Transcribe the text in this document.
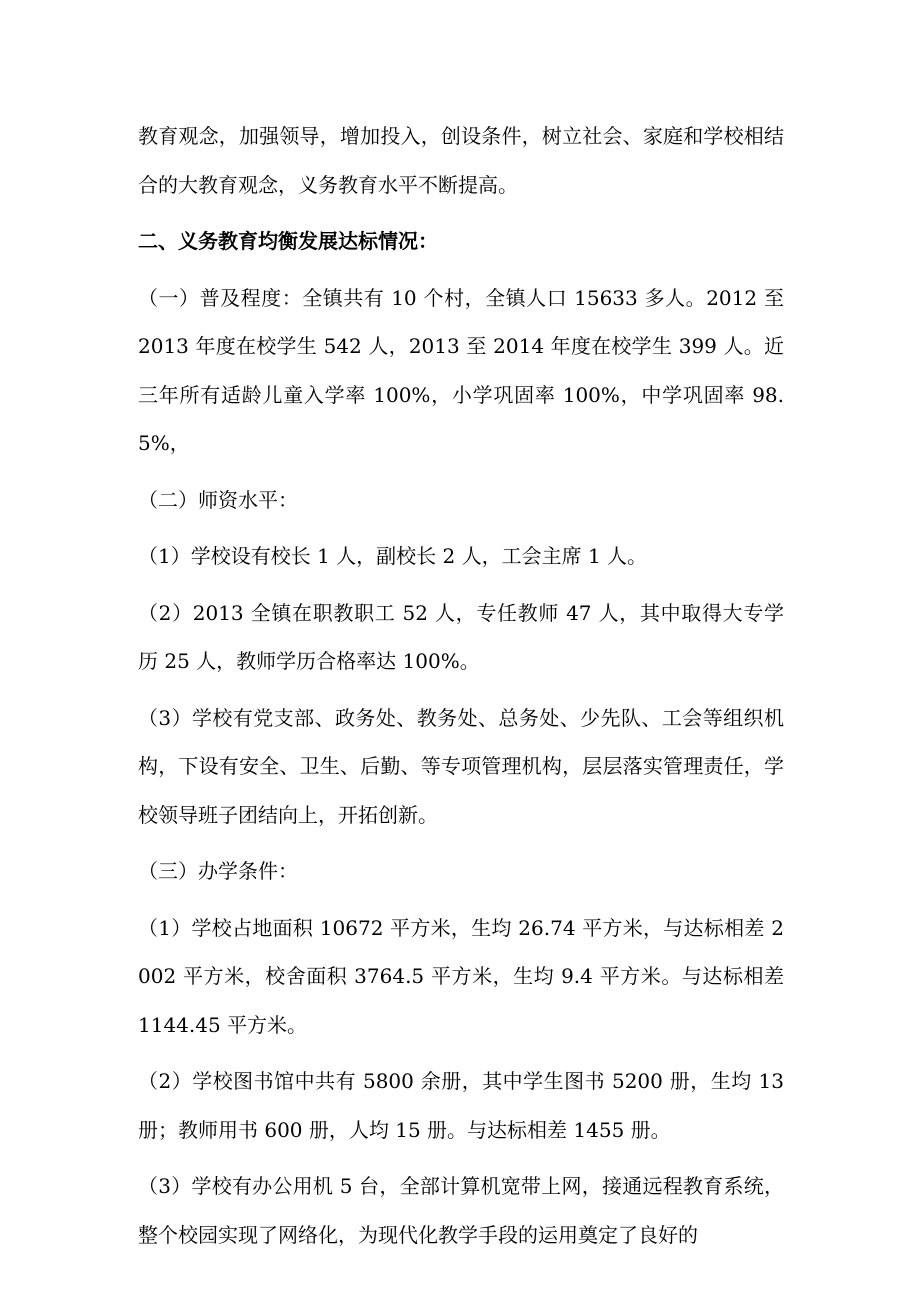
教育观念，加强领导，增加投入，创设条件，树立社会、家庭和学校相结合的大教育观念，义务教育水平不断提高。

二、义务教育均衡发展达标情况：

（一）普及程度：全镇共有 10 个村，全镇人口 15633 多人。2012 至 2013 年度在校学生 542 人，2013 至 2014 年度在校学生 399 人。近三年所有适龄儿童入学率 100%，小学巩固率 100%，中学巩固率 98.5%，

（二）师资水平：

（1）学校设有校长 1 人，副校长 2 人，工会主席 1 人。

（2）2013 全镇在职教职工 52 人，专任教师 47 人，其中取得大专学历 25 人，教师学历合格率达 100%。

（3）学校有党支部、政务处、教务处、总务处、少先队、工会等组织机构，下设有安全、卫生、后勤、等专项管理机构，层层落实管理责任，学校领导班子团结向上，开拓创新。

（三）办学条件：

（1）学校占地面积 10672 平方米，生均 26.74 平方米，与达标相差 2002 平方米，校舍面积 3764.5 平方米，生均 9.4 平方米。与达标相差 1144.45 平方米。

（2）学校图书馆中共有 5800 余册，其中学生图书 5200 册，生均 13 册；教师用书 600 册，人均 15 册。与达标相差 1455 册。

（3）学校有办公用机 5 台，全部计算机宽带上网，接通远程教育系统，整个校园实现了网络化，为现代化教学手段的运用奠定了良好的
